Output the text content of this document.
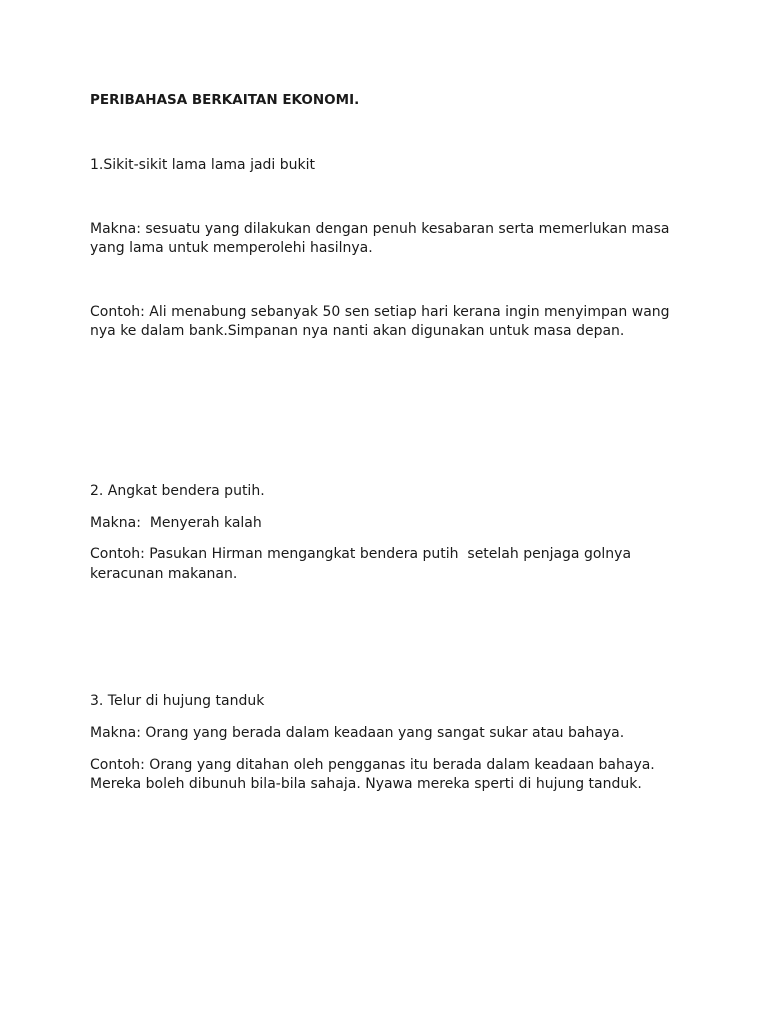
PERIBAHASA BERKAITAN EKONOMI.
1.Sikit-sikit lama lama jadi bukit
Makna: sesuatu yang dilakukan dengan penuh kesabaran serta memerlukan masa
yang lama untuk memperolehi hasilnya.
Contoh: Ali menabung sebanyak 50 sen setiap hari kerana ingin menyimpan wang
nya ke dalam bank.Simpanan nya nanti akan digunakan untuk masa depan.
2. Angkat bendera putih.
Makna:  Menyerah kalah
Contoh: Pasukan Hirman mengangkat bendera putih  setelah penjaga golnya
keracunan makanan.
3. Telur di hujung tanduk
Makna: Orang yang berada dalam keadaan yang sangat sukar atau bahaya.
Contoh: Orang yang ditahan oleh pengganas itu berada dalam keadaan bahaya.
Mereka boleh dibunuh bila-bila sahaja. Nyawa mereka sperti di hujung tanduk.
